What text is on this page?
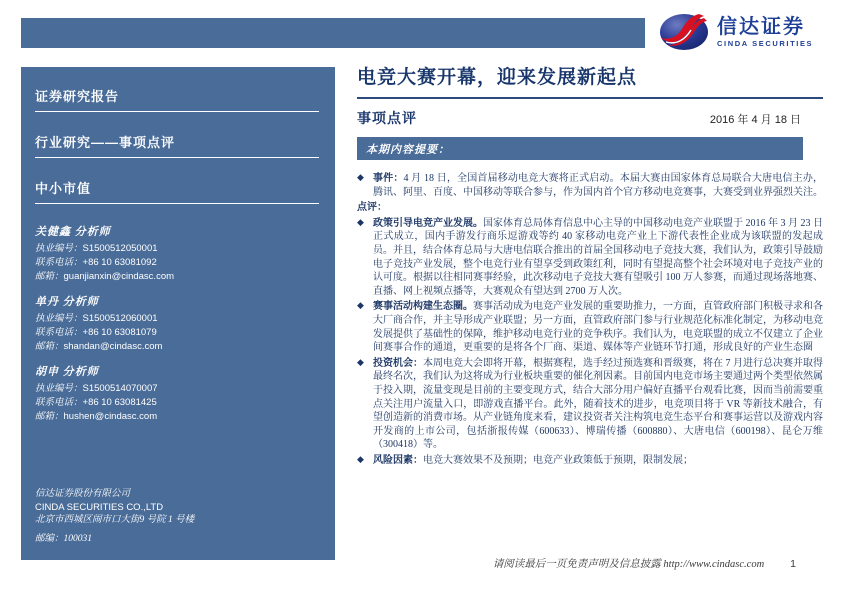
信达证券
CINDA SECURITIES
证券研究报告
行业研究——事项点评
中小市值
关健鑫 分析师
执业编号：S1500512050001
联系电话：+86 10 63081092
邮箱：guanjianxin@cindasc.com
单丹 分析师
执业编号：S1500512060001
联系电话：+86 10 63081079
邮箱：shandan@cindasc.com
胡申 分析师
执业编号：S1500514070007
联系电话：+86 10 63081425
邮箱：hushen@cindasc.com
信达证券股份有限公司
CINDA SECURITIES CO.,LTD
北京市西城区闹市口大街9 号院 1 号楼
邮编：100031
电竞大赛开幕，迎来发展新起点
事项点评	2016 年 4 月 18 日
本期内容提要：
◆ 事件：4 月 18 日，全国首届移动电竞大赛将正式启动。本届大赛由国家体育总局联合大唐电信主办，腾讯、阿里、百度、中国移动等联合参与，作为国内首个官方移动电竞赛事，大赛受到业界强烈关注。
点评：
◆ 政策引导电竞产业发展。国家体育总局体育信息中心主导的中国移动电竞产业联盟于 2016 年 3 月 23 日正式成立，国内手游发行商乐逗游戏等约 40 家移动电竞产业上下游代表性企业成为该联盟的发起成员。并且，结合体育总局与大唐电信联合推出的首届全国移动电子竞技大赛，我们认为，政策引导鼓励电子竞技产业发展，整个电竞行业有望享受到政策红利，同时有望提高整个社会环境对电子竞技产业的认可度。根据以往相同赛事经验，此次移动电子竞技大赛有望吸引 100 万人参赛，而通过现场落地赛、直播、网上视频点播等，大赛观众有望达到 2700 万人次。
◆ 赛事活动构建生态圈。赛事活动成为电竞产业发展的重要助推力，一方面，直管政府部门积极寻求和各大厂商合作，并主导形成产业联盟；另一方面，直管政府部门参与行业规范化标准化制定，为移动电竞发展提供了基础性的保障，维护移动电竞行业的竞争秩序。我们认为，电竞联盟的成立不仅建立了企业间赛事合作的通道，更重要的是将各个厂商、渠道、媒体等产业链环节打通，形成良好的产业生态圈
◆ 投资机会：本周电竞大会即将开幕，根据赛程，选手经过预选赛和晋级赛，将在 7 月进行总决赛并取得最终名次，我们认为这将成为行业板块重要的催化剂因素。目前国内电竞市场主要通过两个类型依然属于投入期，流量变现是目前的主要变现方式，结合大部分用户偏好直播平台观看比赛，因而当前需要重点关注用户流量入口，即游戏直播平台。此外，随着技术的进步，电竞项目将于 VR 等新技术融合，有望创造新的消费市场。从产业链角度来看，建议投资者关注构筑电竞生态平台和赛事运营以及游戏内容开发商的上市公司，包括浙报传媒（600633）、博瑞传播（600880）、大唐电信（600198）、昆仑万维（300418）等。
◆ 风险因素：电竞大赛效果不及预期；电竞产业政策低于预期，限制发展；
请阅读最后一页免责声明及信息披露 http://www.cindasc.com 1
